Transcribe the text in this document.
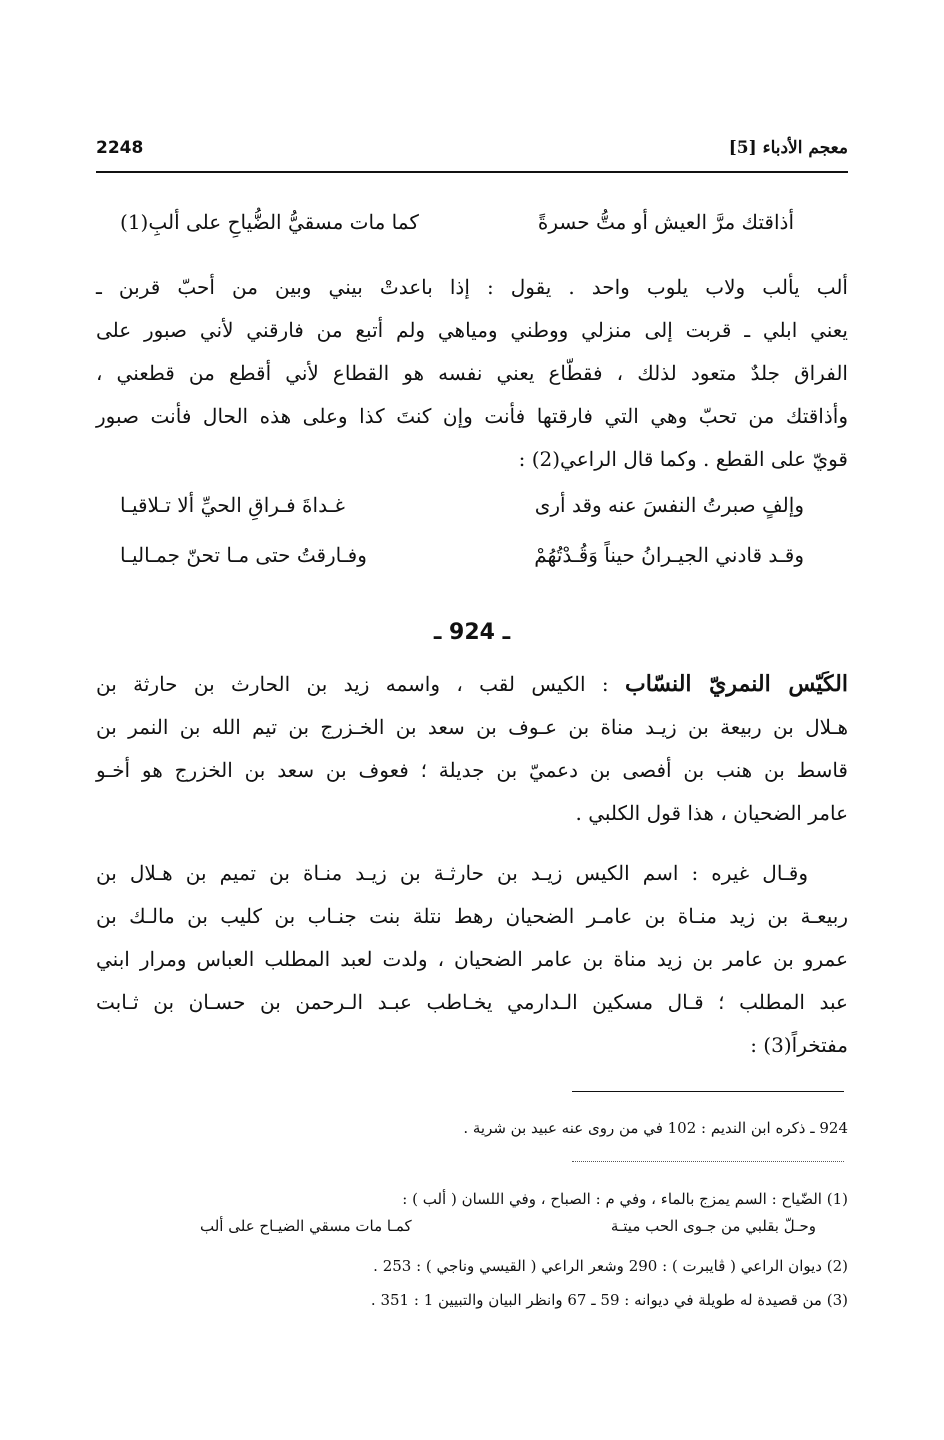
معجم الأدباء [5]
2248
أذاقتك مرَّ العيش أو متُّ حسرةً
كما مات مسقيُّ الضُّياحِ على ألبِ(1)
ألب يألب ولاب يلوب واحد . يقول : إذا باعدتْ بيني وبين من أحبّ قربن ـ
يعني ابلي ـ قربت إلى منزلي ووطني ومياهي ولم أتبع من فارقني لأني صبور على
الفراق جلدٌ متعود لذلك ، فقطّاع يعني نفسه هو القطاع لأني أقطع من قطعني ،
وأذاقتك من تحبّ وهي التي فارقتها فأنت وإن كنتَ كذا وعلى هذه الحال فأنت صبور
قويّ على القطع . وكما قال الراعي(2) :
وإلفٍ صبرتُ النفسَ عنه وقد أرى
غـداةَ فـراقِ الحيِّ ألا تـلاقيـا
وقـد قادني الجيـرانُ حيناً وَقُـدْتُهُمْ
وفـارقتُ حتى مـا تحنّ جمـاليـا
ـ 924 ـ
الكَيّس النمريّ النسّاب : الكيس لقب ، واسمه زيد بن الحارث بن حارثة بن
هـلال بن ربيعة بن زيـد مناة بن عـوف بن سعد بن الخـزرج بن تيم الله بن النمر بن
قاسط بن هنب بن أفصى بن دعميّ بن جديلة ؛ فعوف بن سعد بن الخزرج هو أخـو
عامر الضحيان ، هذا قول الكلبي .
وقـال غيره : اسم الكيس زيـد بن حارثـة بن زيـد منـاة بن تميم بن هـلال بن
ربيعـة بن زيد منـاة بن عامـر الضحيان رهط نتلة بنت جنـاب بن كليب بن مالـك بن
عمرو بن عامر بن زيد مناة بن عامر الضحيان ، ولدت لعبد المطلب العباس ومرار ابني
عبد المطلب ؛ قـال مسكين الـدارمي يخـاطب عبـد الـرحمن بن حسـان بن ثـابت
مفتخراً(3) :
924 ـ ذكره ابن النديم : 102 في من روى عنه عبيد بن شرية .
(1) الضّياح : السم يمزج بالماء ، وفي م : الصباح ، وفي اللسان ( ألب ) :
وحـلّ بقلبي من جـوى الحب ميتـة
كمـا مات مسقي الضيـاح على ألب
(2) ديوان الراعي ( ڤايبرت ) : 290 وشعر الراعي ( القيسي وناجي ) : 253 .
(3) من قصيدة له طويلة في ديوانه : 59 ـ 67 وانظر البيان والتبيين 1 : 351 .
